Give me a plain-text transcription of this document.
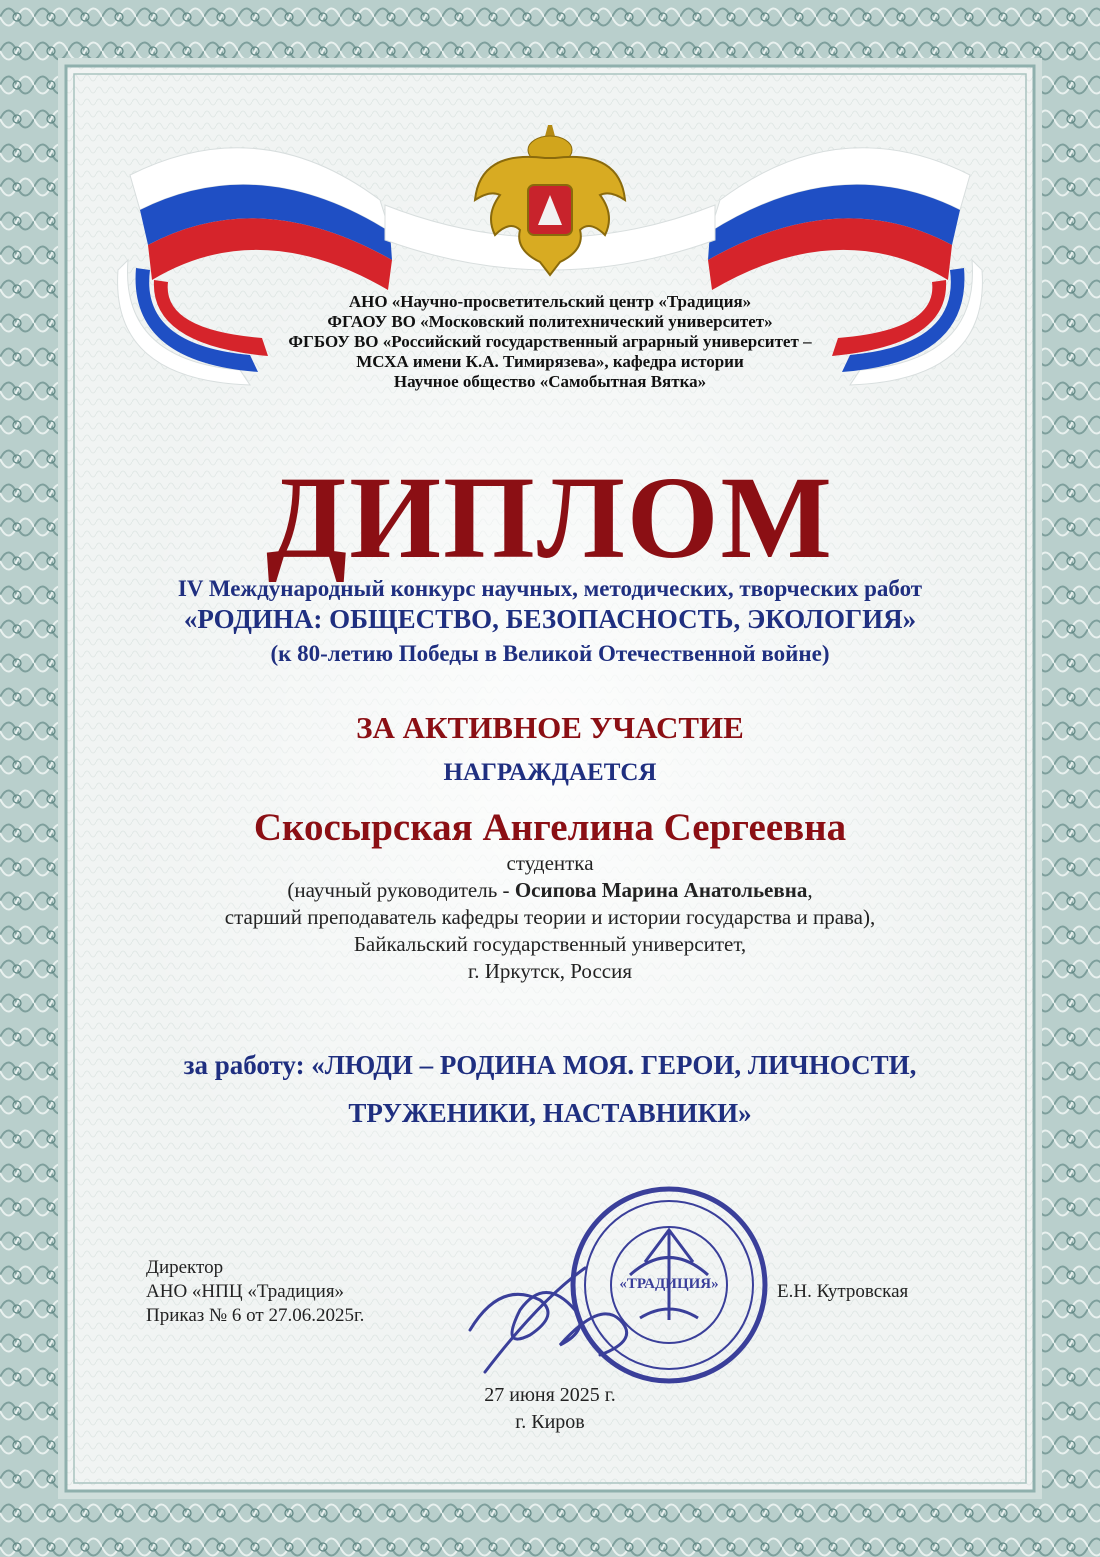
«ТРАДИЦИЯ»
АНО «Научно-просветительский центр «Традиция»
ФГАОУ ВО «Московский политехнический университет»
ФГБОУ ВО «Российский государственный аграрный университет –
МСХА имени К.А. Тимирязева», кафедра истории
Научное общество «Самобытная Вятка»
ДИПЛОМ
IV Международный конкурс научных, методических, творческих работ
«РОДИНА: ОБЩЕСТВО, БЕЗОПАСНОСТЬ, ЭКОЛОГИЯ»
(к 80-летию Победы в Великой Отечественной войне)
ЗА АКТИВНОЕ УЧАСТИЕ
НАГРАЖДАЕТСЯ
Скосырская Ангелина Сергеевна
студентка
(научный руководитель - Осипова Марина Анатольевна,
старший преподаватель кафедры теории и истории государства и права),
Байкальский государственный университет,
г. Иркутск, Россия
за работу: «ЛЮДИ – РОДИНА МОЯ. ГЕРОИ, ЛИЧНОСТИ,
ТРУЖЕНИКИ, НАСТАВНИКИ»
Директор
АНО «НПЦ «Традиция»
Приказ № 6 от 27.06.2025г.
Е.Н. Кутровская
27 июня 2025 г.
г. Киров
